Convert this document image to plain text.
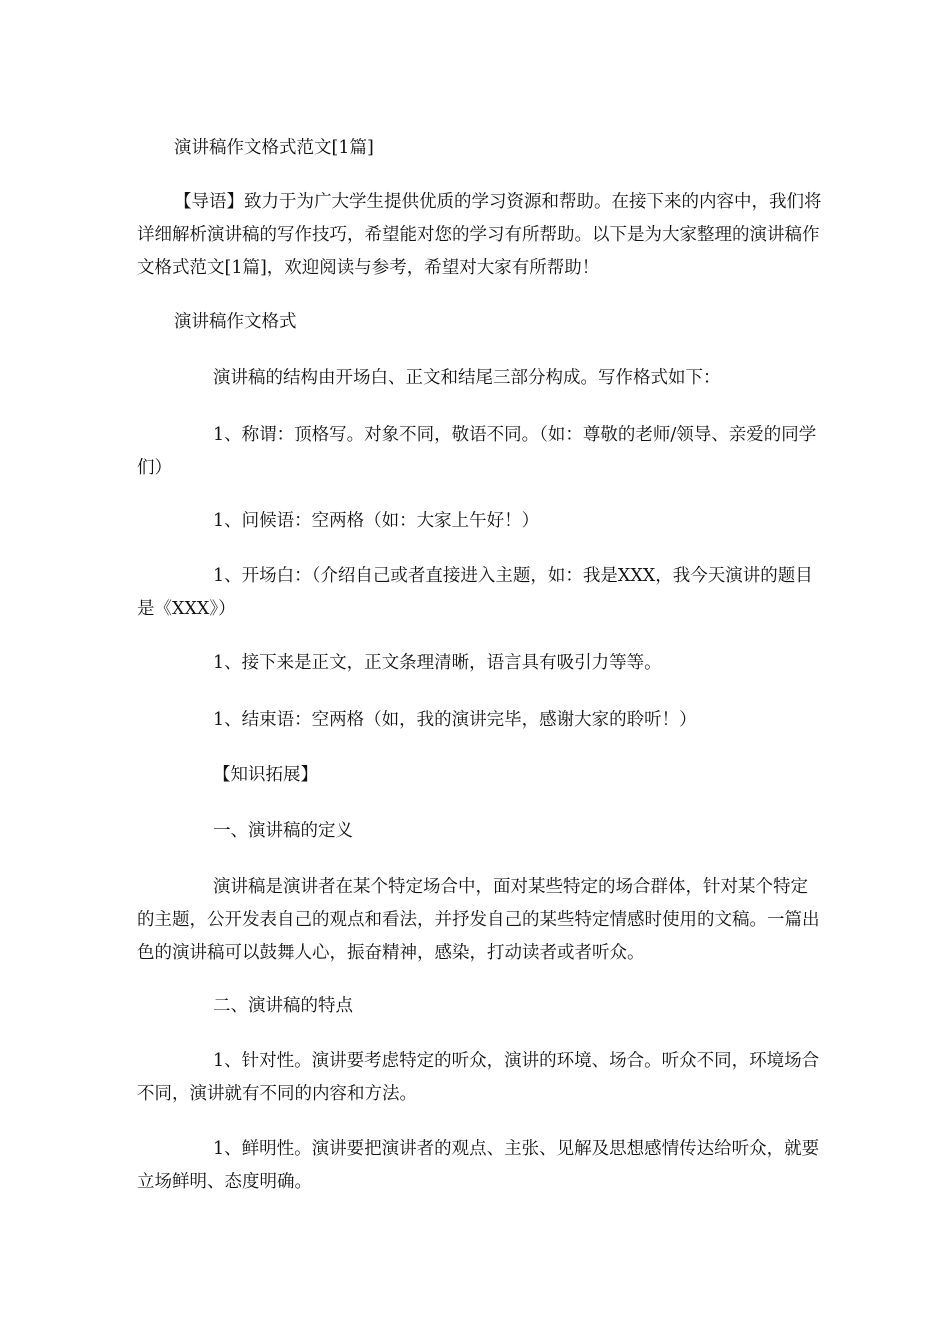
演讲稿作文格式范文[1篇]

【导语】致力于为广大学生提供优质的学习资源和帮助。在接下来的内容中，我们将详细解析演讲稿的写作技巧，希望能对您的学习有所帮助。以下是为大家整理的演讲稿作文格式范文[1篇]，欢迎阅读与参考，希望对大家有所帮助！

演讲稿作文格式

演讲稿的结构由开场白、正文和结尾三部分构成。写作格式如下：

1、称谓：顶格写。对象不同，敬语不同。（如：尊敬的老师/领导、亲爱的同学们）

1、问候语：空两格（如：大家上午好！）

1、开场白：（介绍自己或者直接进入主题，如：我是XXX，我今天演讲的题目是《XXX》）

1、接下来是正文，正文条理清晰，语言具有吸引力等等。

1、结束语：空两格（如，我的演讲完毕，感谢大家的聆听！）

【知识拓展】

一、演讲稿的定义

演讲稿是演讲者在某个特定场合中，面对某些特定的场合群体，针对某个特定的主题，公开发表自己的观点和看法，并抒发自己的某些特定情感时使用的文稿。一篇出色的演讲稿可以鼓舞人心，振奋精神，感染，打动读者或者听众。

二、演讲稿的特点

1、针对性。演讲要考虑特定的听众，演讲的环境、场合。听众不同，环境场合不同，演讲就有不同的内容和方法。

1、鲜明性。演讲要把演讲者的观点、主张、见解及思想感情传达给听众，就要立场鲜明、态度明确。
